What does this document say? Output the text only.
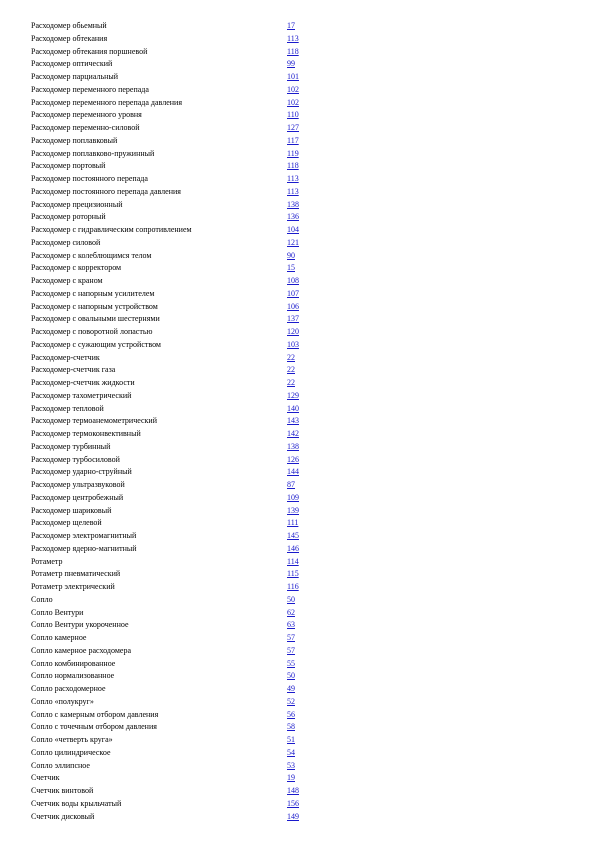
Расходомер обьемный	17
Расходомер обтекания	113
Расходомер обтекания поршневой	118
Расходомер оптический	99
Расходомер парциальный	101
Расходомер переменного перепада	102
Расходомер переменного перепада давления	102
Расходомер переменного уровня	110
Расходомер переменно-силовой	127
Расходомер поплавковый	117
Расходомер поплавково-пружинный	119
Расходомер портовый	118
Расходомер постоянного перепада	113
Расходомер постоянного перепада давления	113
Расходомер прецизионный	138
Расходомер роторный	136
Расходомер с гидравлическим сопротивлением	104
Расходомер силовой	121
Расходомер с колеблющимся телом	90
Расходомер с корректором	15
Расходомер с краном	108
Расходомер с напорным усилителем	107
Расходомер с напорным устройством	106
Расходомер с овальными шестернями	137
Расходомер с поворотной лопастью	120
Расходомер с сужающим устройством	103
Расходомер-счетчик	22
Расходомер-счетчик газа	22
Расходомер-счетчик жидкости	22
Расходомер тахометрический	129
Расходомер тепловой	140
Расходомер термоанемометрический	143
Расходомер термоконвективный	142
Расходомер турбинный	138
Расходомер турбосиловой	126
Расходомер ударно-струйный	144
Расходомер ультразвуковой	87
Расходомер центробежный	109
Расходомер шариковый	139
Расходомер щелевой	111
Расходомер электромагнитный	145
Расходомер ядерно-магнитный	146
Ротаметр	114
Ротаметр пневматический	115
Ротаметр электрический	116
Сопло	50
Сопло Вентури	62
Сопло Вентури укороченное	63
Сопло камерное	57
Сопло камерное расходомера	57
Сопло комбинированное	55
Сопло нормализованное	50
Сопло расходомерное	49
Сопло «полукруг»	52
Сопло с камерным отбором давления	56
Сопло с точечным отбором давления	58
Сопло «четверть круга»	51
Сопло цилиндрическое	54
Сопло эллипсное	53
Счетчик	19
Счетчик винтовой	148
Счетчик воды крыльчатый	156
Счетчик дисковый	149
